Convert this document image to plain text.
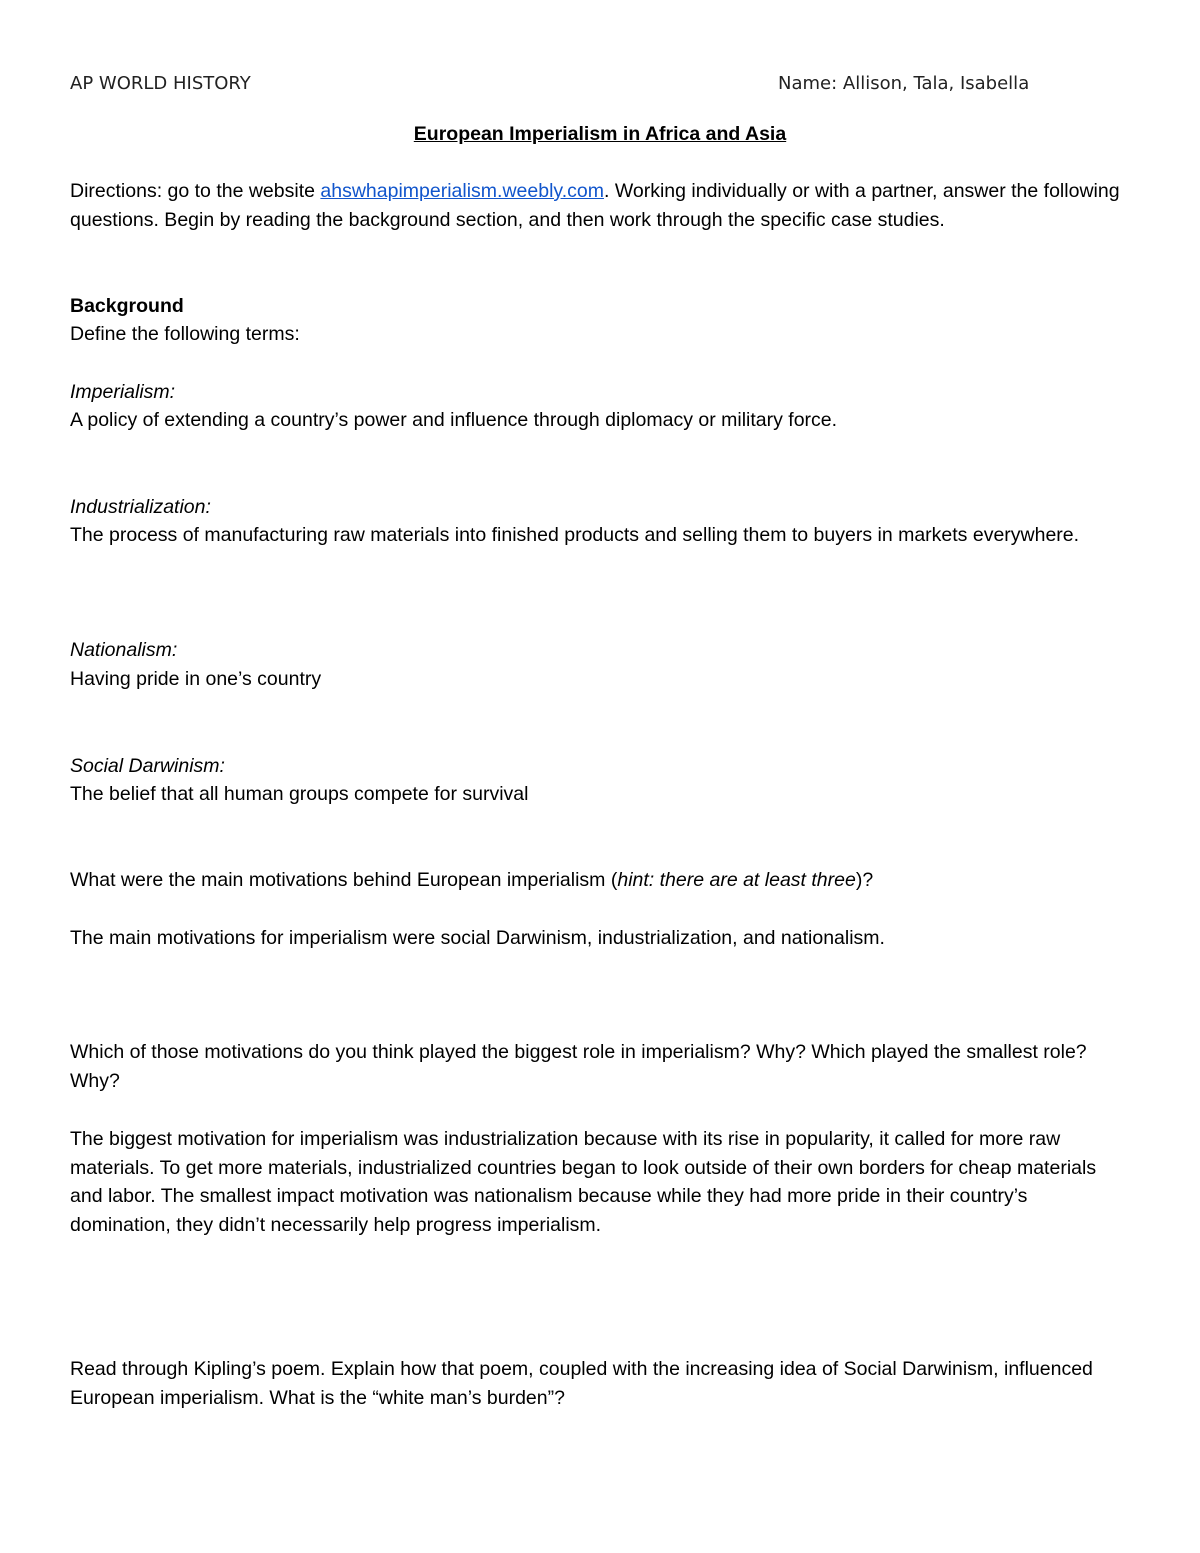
AP WORLD HISTORY	Name: Allison, Tala, Isabella
European Imperialism in Africa and Asia
Directions: go to the website ahswhapimperialism.weebly.com. Working individually or with a partner, answer the following questions. Begin by reading the background section, and then work through the specific case studies.
Background
Define the following terms:
Imperialism:
A policy of extending a country’s power and influence through diplomacy or military force.
Industrialization:
The process of manufacturing raw materials into finished products and selling them to buyers in markets everywhere.
Nationalism:
Having pride in one’s country
Social Darwinism:
The belief that all human groups compete for survival
What were the main motivations behind European imperialism (hint: there are at least three)?
The main motivations for imperialism were social Darwinism, industrialization, and nationalism.
Which of those motivations do you think played the biggest role in imperialism? Why? Which played the smallest role? Why?
The biggest motivation for imperialism was industrialization because with its rise in popularity, it called for more raw materials. To get more materials, industrialized countries began to look outside of their own borders for cheap materials and labor. The smallest impact motivation was nationalism because while they had more pride in their country’s domination, they didn’t necessarily help progress imperialism.
Read through Kipling’s poem. Explain how that poem, coupled with the increasing idea of Social Darwinism, influenced European imperialism. What is the “white man’s burden”?
